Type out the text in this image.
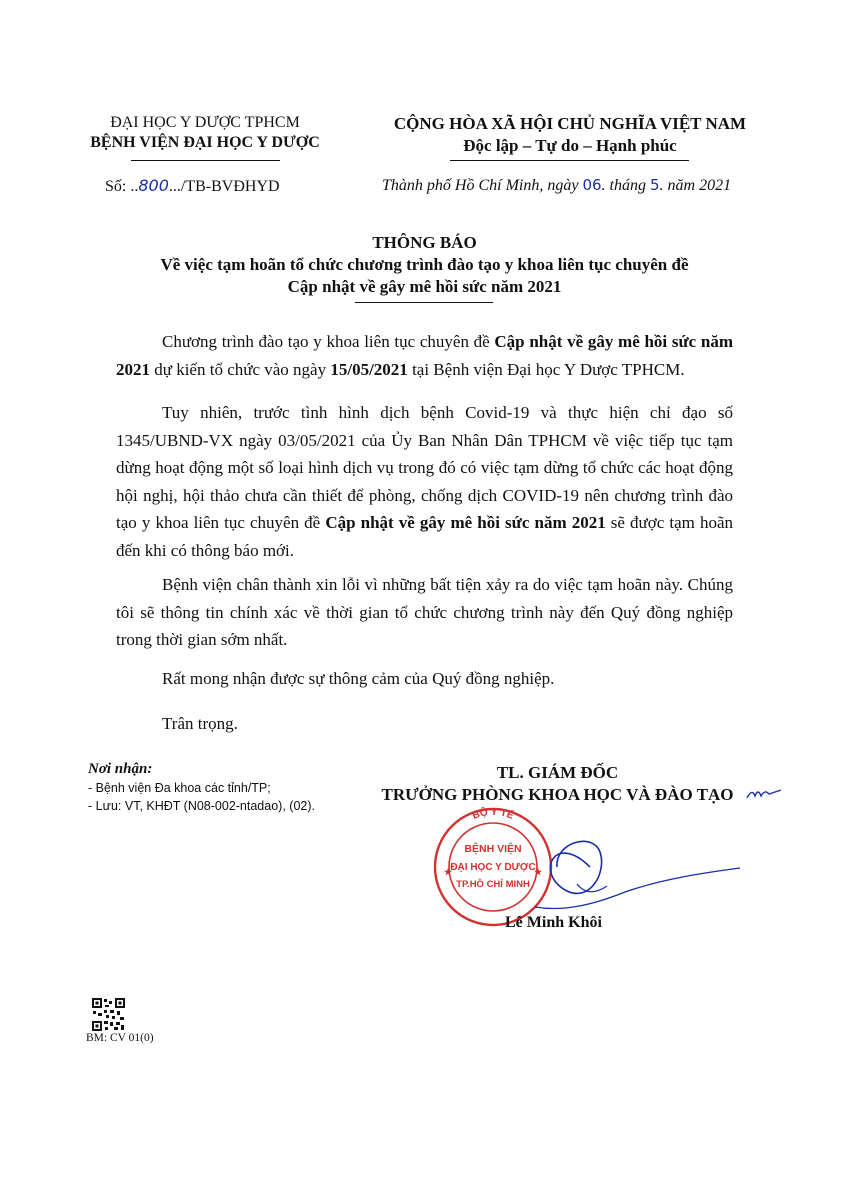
ĐẠI HỌC Y DƯỢC TPHCM
BỆNH VIỆN ĐẠI HỌC Y DƯỢC
Số: ..800.../TB-BVĐHYD
CỘNG HÒA XÃ HỘI CHỦ NGHĨA VIỆT NAM
Độc lập – Tự do – Hạnh phúc
Thành phố Hồ Chí Minh, ngày 06. tháng 5. năm 2021
THÔNG BÁO
Về việc tạm hoãn tổ chức chương trình đào tạo y khoa liên tục chuyên đề
Cập nhật về gây mê hồi sức năm 2021
Chương trình đào tạo y khoa liên tục chuyên đề Cập nhật về gây mê hồi sức năm 2021 dự kiến tổ chức vào ngày 15/05/2021 tại Bệnh viện Đại học Y Dược TPHCM.
Tuy nhiên, trước tình hình dịch bệnh Covid-19 và thực hiện chỉ đạo số 1345/UBND-VX ngày 03/05/2021 của Ủy Ban Nhân Dân TPHCM về việc tiếp tục tạm dừng hoạt động một số loại hình dịch vụ trong đó có việc tạm dừng tổ chức các hoạt động hội nghị, hội thảo chưa cần thiết để phòng, chống dịch COVID-19 nên chương trình đào tạo y khoa liên tục chuyên đề Cập nhật về gây mê hồi sức năm 2021 sẽ được tạm hoãn đến khi có thông báo mới.
Bệnh viện chân thành xin lỗi vì những bất tiện xảy ra do việc tạm hoãn này. Chúng tôi sẽ thông tin chính xác về thời gian tổ chức chương trình này đến Quý đồng nghiệp trong thời gian sớm nhất.
Rất mong nhận được sự thông cảm của Quý đồng nghiệp.
Trân trọng.
Nơi nhận:
- Bệnh viện Đa khoa các tỉnh/TP;
- Lưu: VT, KHĐT (N08-002-ntadao), (02).
TL. GIÁM ĐỐC
TRƯỞNG PHÒNG KHOA HỌC VÀ ĐÀO TẠO
BỘ Y TẾ
BỆNH VIỆN
ĐẠI HỌC Y DƯỢC
TP.HỒ CHÍ MINH
★	★
Lê Minh Khôi
BM: CV 01(0)
